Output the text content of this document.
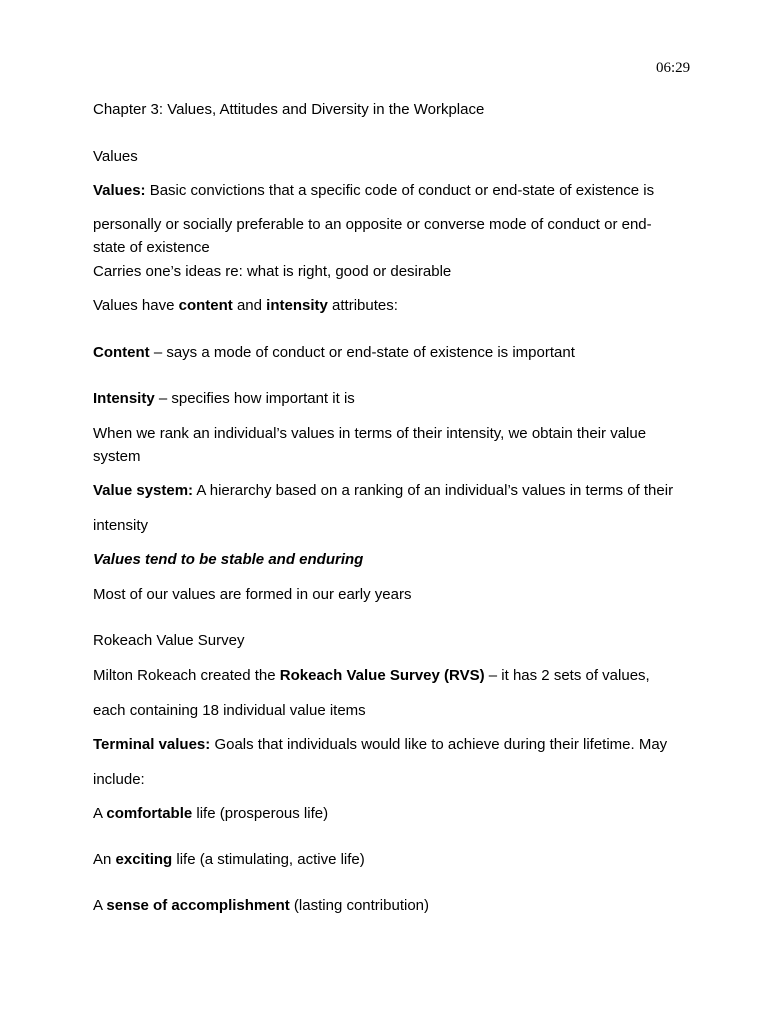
06:29
Chapter 3: Values, Attitudes and Diversity in the Workplace
Values
Values: Basic convictions that a specific code of conduct or end-state of existence is
personally or socially preferable to an opposite or converse mode of conduct or end-
state of existence
Carries one’s ideas re: what is right, good or desirable
Values have content and intensity attributes:
Content – says a mode of conduct or end-state of existence is important
Intensity – specifies how important it is
When we rank an individual’s values in terms of their intensity, we obtain their value
system
Value system: A hierarchy based on a ranking of an individual’s values in terms of their
intensity
Values tend to be stable and enduring
Most of our values are formed in our early years
Rokeach Value Survey
Milton Rokeach created the Rokeach Value Survey (RVS) – it has 2 sets of values,
each containing 18 individual value items
Terminal values: Goals that individuals would like to achieve during their lifetime. May
include:
A comfortable life (prosperous life)
An exciting life (a stimulating, active life)
A sense of accomplishment (lasting contribution)
